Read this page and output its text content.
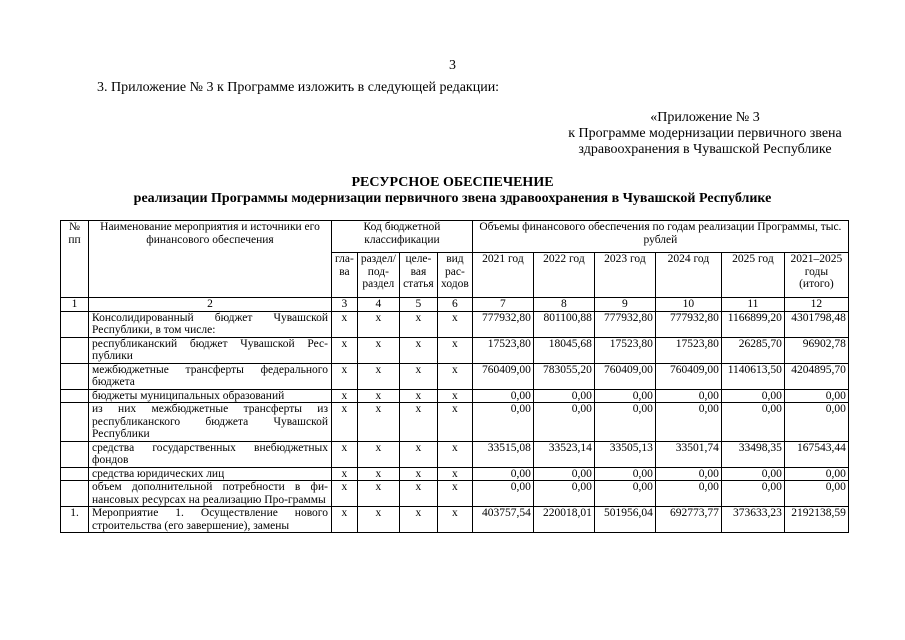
3
3. Приложение № 3 к Программе изложить в следующей редакции:
«Приложение № 3
к Программе модернизации первичного звена
здравоохранения в Чувашской Республике
РЕСУРСНОЕ ОБЕСПЕЧЕНИЕ
реализации Программы модернизации первичного звена здравоохранения в Чувашской Республике
№ пп	Наименование мероприятия и источники его финансового обеспечения	Код бюджетной классификации				Объемы финансового обеспечения по годам реализации Программы, тыс. рублей					
		гла-ва	раздел/ под-раздел	целе-вая статья	вид рас-ходов	2021 год	2022 год	2023 год	2024 год	2025 год	2021–2025 годы (итого)
1	2	3	4	5	6	7	8	9	10	11	12
	Консолидированный бюджет Чувашской Республики, в том числе:	х	х	х	х	777932,80	801100,88	777932,80	777932,80	1166899,20	4301798,48
	республиканский бюджет Чувашской Рес-публики	х	х	х	х	17523,80	18045,68	17523,80	17523,80	26285,70	96902,78
	межбюджетные трансферты федерального бюджета	х	х	х	х	760409,00	783055,20	760409,00	760409,00	1140613,50	4204895,70
	бюджеты муниципальных образований	х	х	х	х	0,00	0,00	0,00	0,00	0,00	0,00
	из них межбюджетные трансферты из республиканского бюджета Чувашской Республики	х	х	х	х	0,00	0,00	0,00	0,00	0,00	0,00
	средства государственных внебюджетных фондов	х	х	х	х	33515,08	33523,14	33505,13	33501,74	33498,35	167543,44
	средства юридических лиц	х	х	х	х	0,00	0,00	0,00	0,00	0,00	0,00
	объем дополнительной потребности в фи-нансовых ресурсах на реализацию Про-граммы	х	х	х	х	0,00	0,00	0,00	0,00	0,00	0,00
1.	Мероприятие 1. Осуществление нового строительства (его завершение), замены	х	х	х	х	403757,54	220018,01	501956,04	692773,77	373633,23	2192138,59
